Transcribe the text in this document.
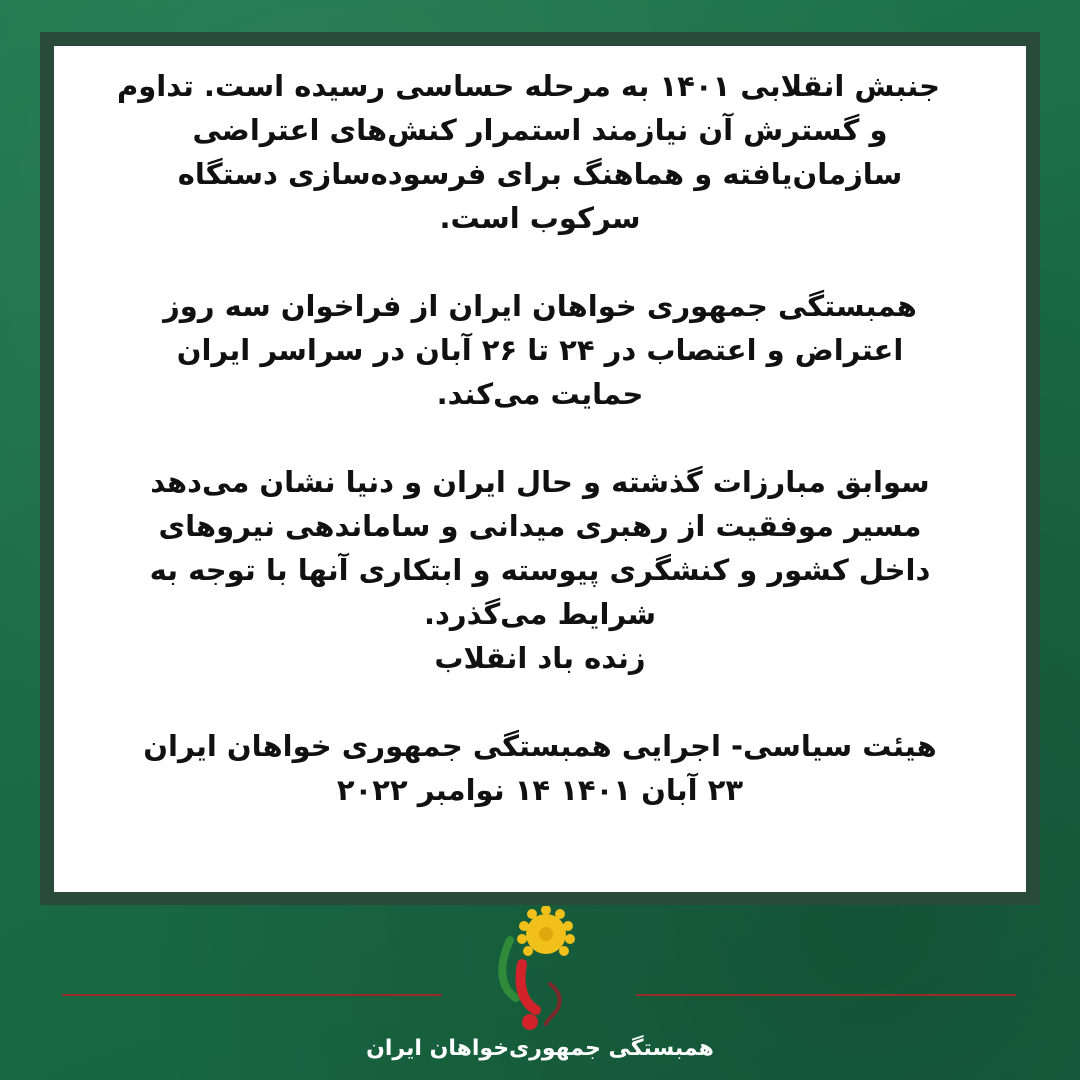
جنبش انقلابی ۱۴۰۱ به مرحله حساسی رسیده است. تداوم
و گسترش آن نیازمند استمرار کنش‌های اعتراضی
سازمان‌یافته و هماهنگ برای فرسوده‌سازی دستگاه
سرکوب است.

همبستگی جمهوری خواهان ایران از فراخوان سه روز
اعتراض و اعتصاب در ۲۴ تا ۲۶ آبان در سراسر ایران
حمایت می‌کند.

سوابق مبارزات گذشته و حال ایران و دنیا نشان می‌دهد
مسیر موفقیت از رهبری میدانی و ساماندهی نیروهای
داخل کشور و کنشگری پیوسته و ابتکاری آنها با توجه به
شرایط می‌گذرد.
زنده باد انقلاب

هیئت سیاسی- اجرایی همبستگی جمهوری خواهان ایران
۲۳ آبان ۱۴۰۱ ۱۴ نوامبر ۲۰۲۲

همبستگی جمهوری‌خواهان ایران
